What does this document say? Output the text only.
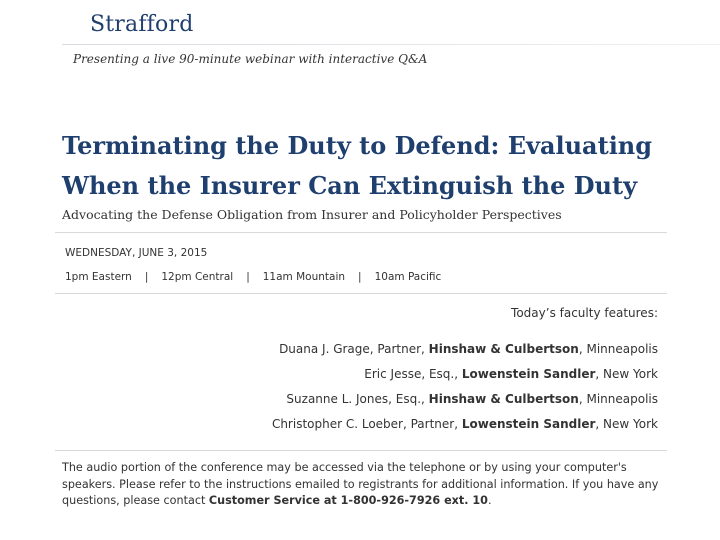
Strafford
Presenting a live 90-minute webinar with interactive Q&A
Terminating the Duty to Defend: Evaluating
When the Insurer Can Extinguish the Duty
Advocating the Defense Obligation from Insurer and Policyholder Perspectives
WEDNESDAY, JUNE 3, 2015
1pm Eastern | 12pm Central | 11am Mountain | 10am Pacific
Today’s faculty features:
Duana J. Grage, Partner, Hinshaw & Culbertson, Minneapolis
Eric Jesse, Esq., Lowenstein Sandler, New York
Suzanne L. Jones, Esq., Hinshaw & Culbertson, Minneapolis
Christopher C. Loeber, Partner, Lowenstein Sandler, New York
The audio portion of the conference may be accessed via the telephone or by using your computer's speakers. Please refer to the instructions emailed to registrants for additional information. If you have any questions, please contact Customer Service at 1-800-926-7926 ext. 10.
